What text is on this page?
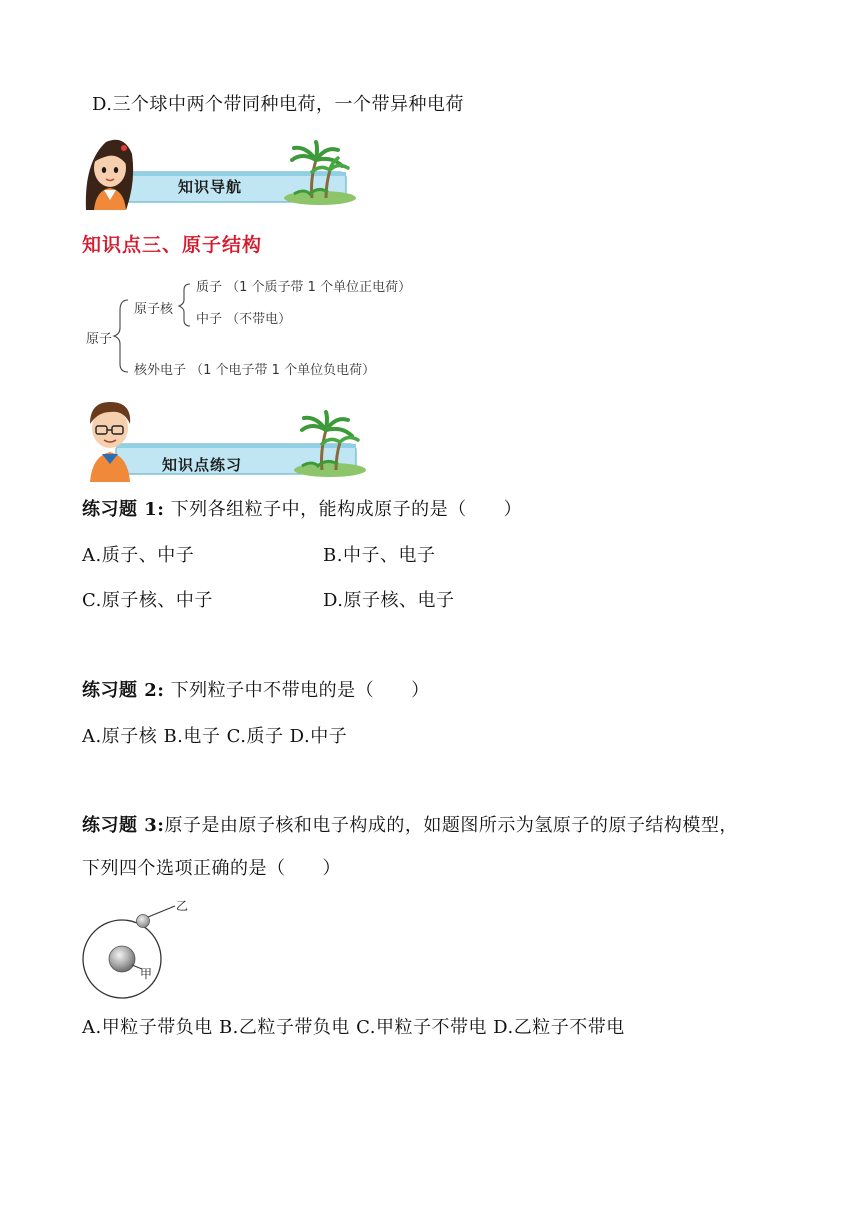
D.三个球中两个带同种电荷，一个带异种电荷
知识导航
知识点三、原子结构
原子
原子核
质子 （1 个质子带 1 个单位正电荷）
中子 （不带电）
核外电子 （1 个电子带 1 个单位负电荷）
知识点练习
练习题 1: 下列各组粒子中，能构成原子的是（　　）
A.质子、中子	B.中子、电子
C.原子核、中子	D.原子核、电子
练习题 2: 下列粒子中不带电的是（　　）
A.原子核 B.电子 C.质子 D.中子
练习题 3:原子是由原子核和电子构成的，如题图所示为氢原子的原子结构模型，
下列四个选项正确的是（　　）
乙
甲
A.甲粒子带负电 B.乙粒子带负电 C.甲粒子不带电 D.乙粒子不带电
